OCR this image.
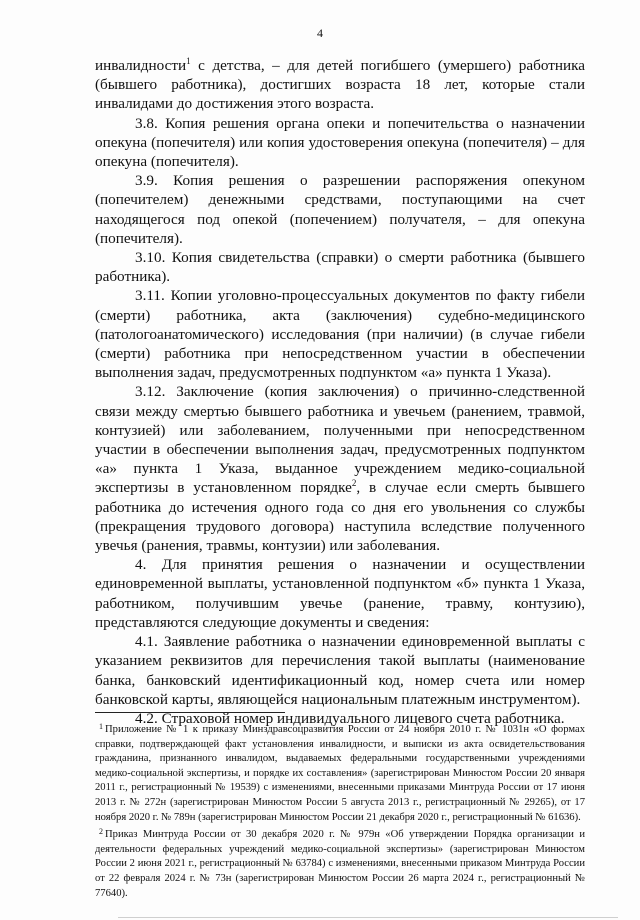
4

инвалидности$^1$ с детства, – для детей погибшего (умершего) работника (бывшего работника), достигших возраста 18 лет, которые стали инвалидами до достижения этого возраста.

3.8. Копия решения органа опеки и попечительства о назначении опекуна (попечителя) или копия удостоверения опекуна (попечителя) – для опекуна (попечителя).

3.9. Копия решения о разрешении распоряжения опекуном (попечителем) денежными средствами, поступающими на счет находящегося под опекой (попечением) получателя, – для опекуна (попечителя).

3.10. Копия свидетельства (справки) о смерти работника (бывшего работника).

3.11. Копии уголовно-процессуальных документов по факту гибели (смерти) работника, акта (заключения) судебно-медицинского (патологоанатомического) исследования (при наличии) (в случае гибели (смерти) работника при непосредственном участии в обеспечении выполнения задач, предусмотренных подпунктом «а» пункта 1 Указа).

3.12. Заключение (копия заключения) о причинно-следственной связи между смертью бывшего работника и увечьем (ранением, травмой, контузией) или заболеванием, полученными при непосредственном участии в обеспечении выполнения задач, предусмотренных подпунктом «а» пункта 1 Указа, выданное учреждением медико-социальной экспертизы в установленном порядке$^2$, в случае если смерть бывшего работника до истечения одного года со дня его увольнения со службы (прекращения трудового договора) наступила вследствие полученного увечья (ранения, травмы, контузии) или заболевания.

4. Для принятия решения о назначении и осуществлении единовременной выплаты, установленной подпунктом «б» пункта 1 Указа, работником, получившим увечье (ранение, травму, контузию), представляются следующие документы и сведения:

4.1. Заявление работника о назначении единовременной выплаты с указанием реквизитов для перечисления такой выплаты (наименование банка, банковский идентификационный код, номер счета или номер банковской карты, являющейся национальным платежным инструментом).

4.2. Страховой номер индивидуального лицевого счета работника.

$^1$ Приложение № 1 к приказу Минздравсоцразвития России от 24 ноября 2010 г. № 1031н «О формах справки, подтверждающей факт установления инвалидности, и выписки из акта освидетельствования гражданина, признанного инвалидом, выдаваемых федеральными государственными учреждениями медико-социальной экспертизы, и порядке их составления» (зарегистрирован Минюстом России 20 января 2011 г., регистрационный № 19539) с изменениями, внесенными приказами Минтруда России от 17 июня 2013 г. № 272н (зарегистрирован Минюстом России 5 августа 2013 г., регистрационный № 29265), от 17 ноября 2020 г. № 789н (зарегистрирован Минюстом России 21 декабря 2020 г., регистрационный № 61636).

$^2$ Приказ Минтруда России от 30 декабря 2020 г. № 979н «Об утверждении Порядка организации и деятельности федеральных учреждений медико-социальной экспертизы» (зарегистрирован Минюстом России 2 июня 2021 г., регистрационный № 63784) с изменениями, внесенными приказом Минтруда России от 22 февраля 2024 г. № 73н (зарегистрирован Минюстом России 26 марта 2024 г., регистрационный № 77640).
